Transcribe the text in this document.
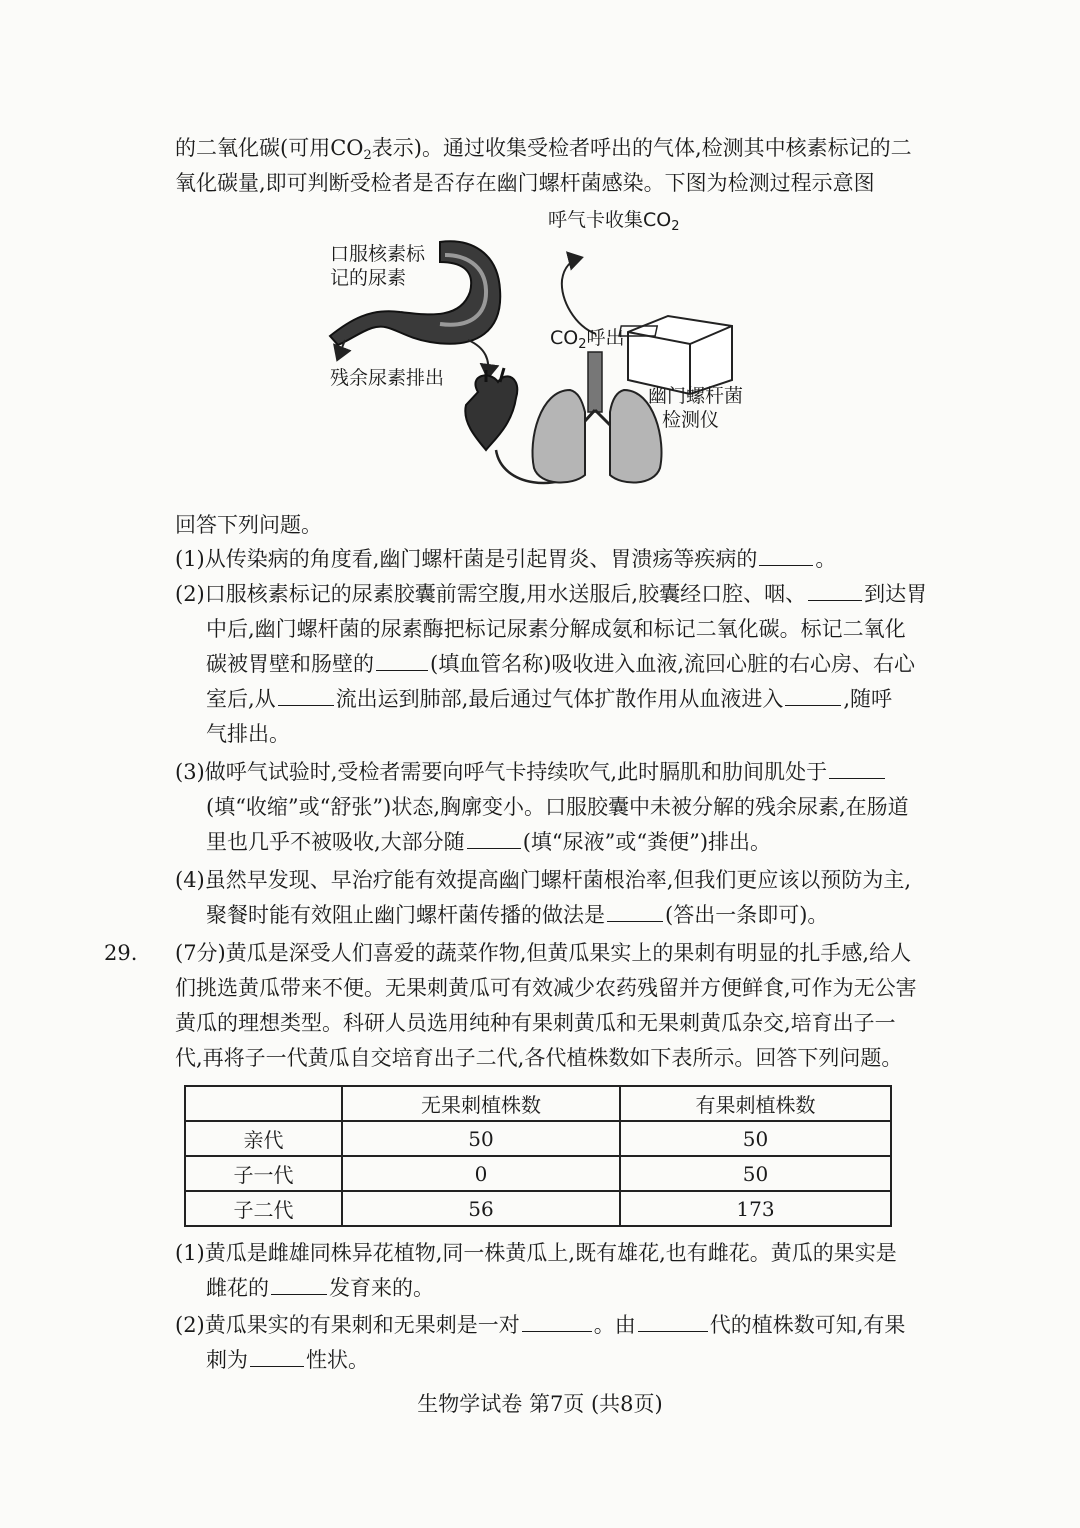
的二氧化碳(可用$CO_2$表示)。通过收集受检者呼出的气体,检测其中核素标记的二
氧化碳量,即可判断受检者是否存在幽门螺杆菌感染。下图为检测过程示意图
呼气卡收集$CO_2$
口服核素标
记的尿素
残余尿素排出
$CO_2$呼出
幽门螺杆菌
检测仪
回答下列问题。
(1)从传染病的角度看,幽门螺杆菌是引起胃炎、胃溃疡等疾病的	。
(2)口服核素标记的尿素胶囊前需空腹,用水送服后,胶囊经口腔、咽、	到达胃
中后,幽门螺杆菌的尿素酶把标记尿素分解成氨和标记二氧化碳。标记二氧化
碳被胃壁和肠壁的	(填血管名称)吸收进入血液,流回心脏的右心房、右心
室后,从	流出运到肺部,最后通过气体扩散作用从血液进入	,随呼
气排出。
(3)做呼气试验时,受检者需要向呼气卡持续吹气,此时膈肌和肋间肌处于
(填“收缩”或“舒张”)状态,胸廓变小。口服胶囊中未被分解的残余尿素,在肠道
里也几乎不被吸收,大部分随	(填“尿液”或“粪便”)排出。
(4)虽然早发现、早治疗能有效提高幽门螺杆菌根治率,但我们更应该以预防为主,
聚餐时能有效阻止幽门螺杆菌传播的做法是	(答出一条即可)。
29.	(7分)黄瓜是深受人们喜爱的蔬菜作物,但黄瓜果实上的果刺有明显的扎手感,给人
们挑选黄瓜带来不便。无果刺黄瓜可有效减少农药残留并方便鲜食,可作为无公害
黄瓜的理想类型。科研人员选用纯种有果刺黄瓜和无果刺黄瓜杂交,培育出子一
代,再将子一代黄瓜自交培育出子二代,各代植株数如下表所示。回答下列问题。
	无果刺植株数	有果刺植株数
亲代	50	50
子一代	0	50
子二代	56	173
(1)黄瓜是雌雄同株异花植物,同一株黄瓜上,既有雄花,也有雌花。黄瓜的果实是
雌花的	发育来的。
(2)黄瓜果实的有果刺和无果刺是一对	。由	代的植株数可知,有果
刺为	性状。
生物学试卷 第7页 (共8页)
